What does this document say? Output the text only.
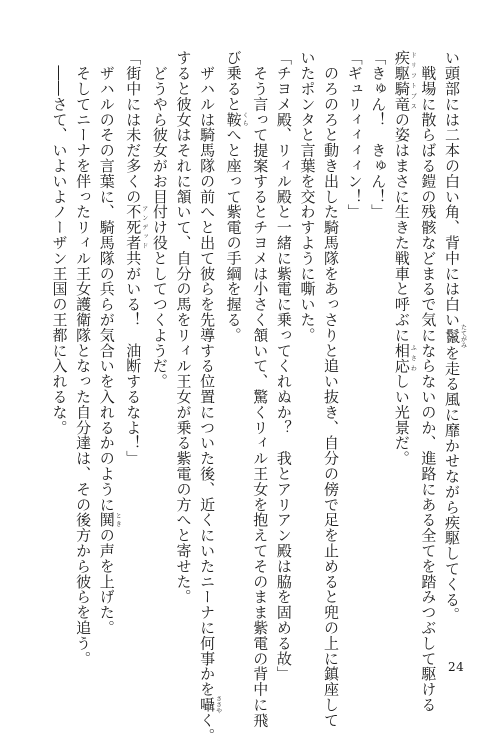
い頭部には二本の白い角、背中には白い鬣たてがみを走る風に靡かせながら疾駆してくる。
　戦場に散らばる鎧の残骸などまるで気にならないのか、進路にある全てを踏みつぶして駆ける
疾駆騎竜ドリフトブスの姿はまさに生きた戦車と呼ぶに相応ふさわしい光景だ。
「きゅん！　きゅん！」
「ギュリィィィィン！」
　のろのろと動き出した騎馬隊をあっさりと追い抜き、自分の傍で足を止めると兜の上に鎮座して
いたポンタと言葉を交わすように嘶いた。
「チヨメ殿、リィル殿と一緒に紫電に乗ってくれぬか？　我とアリアン殿は脇を固める故」
　そう言って提案するとチヨメは小さく頷いて、驚くリィル王女を抱えてそのまま紫電の背中に飛
び乗ると鞍くらへと座って紫電の手綱を握る。
　ザハルは騎馬隊の前へと出て彼らを先導する位置についた後、近くにいたニーナに何事かを囁ささやく。
すると彼女はそれに頷いて、自分の馬をリィル王女が乗る紫電の方へと寄せた。
　どうやら彼女がお目付け役としてつくようだ。
「街中には未だ多くの不死者アンデッド共がいる！　油断するなよ！」
　ザハルのその言葉に、騎馬隊の兵らが気合いを入れるかのように鬨ときの声を上げた。
　そしてニーナを伴ったリィル王女護衛隊となった自分達は、その後方から彼らを追う。
　――さて、いよいよノーザン王国の王都に入れるな。
24
